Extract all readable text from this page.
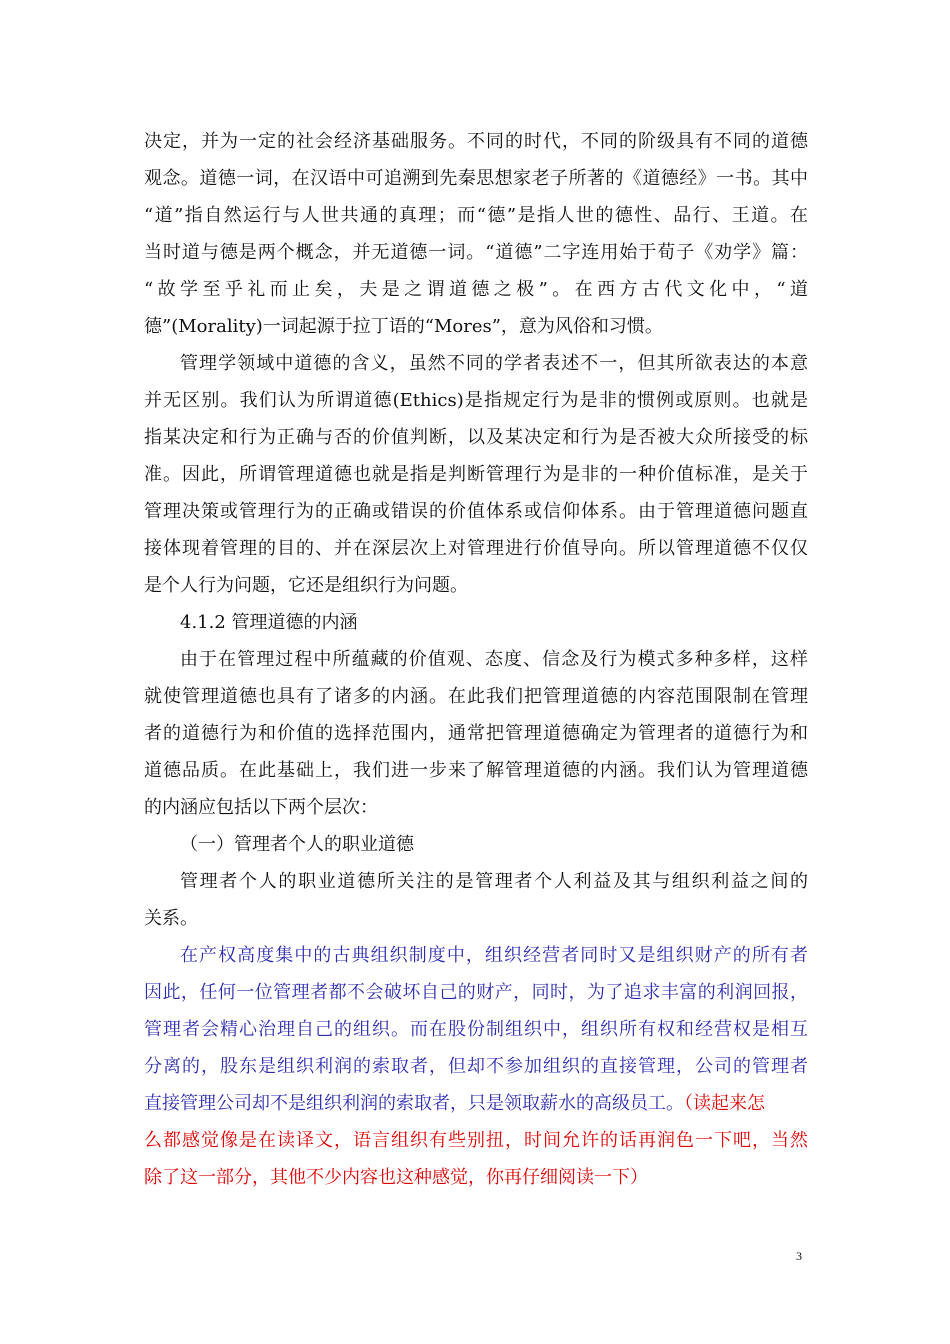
决定，并为一定的社会经济基础服务。不同的时代，不同的阶级具有不同的道德
观念。道德一词，在汉语中可追溯到先秦思想家老子所著的《道德经》一书。其中
“道”指自然运行与人世共通的真理；而“德”是指人世的德性、品行、王道。在
当时道与德是两个概念，并无道德一词。“道德”二字连用始于荀子《劝学》篇：
“故学至乎礼而止矣，夫是之谓道德之极”。在西方古代文化中，“道
德”(Morality)一词起源于拉丁语的“Mores”，意为风俗和习惯。
管理学领域中道德的含义，虽然不同的学者表述不一，但其所欲表达的本意
并无区别。我们认为所谓道德(Ethics)是指规定行为是非的惯例或原则。也就是
指某决定和行为正确与否的价值判断，以及某决定和行为是否被大众所接受的标
准。因此，所谓管理道德也就是指是判断管理行为是非的一种价值标准，是关于
管理决策或管理行为的正确或错误的价值体系或信仰体系。由于管理道德问题直
接体现着管理的目的、并在深层次上对管理进行价值导向。所以管理道德不仅仅
是个人行为问题，它还是组织行为问题。
4.1.2 管理道德的内涵
由于在管理过程中所蕴藏的价值观、态度、信念及行为模式多种多样，这样
就使管理道德也具有了诸多的内涵。在此我们把管理道德的内容范围限制在管理
者的道德行为和价值的选择范围内，通常把管理道德确定为管理者的道德行为和
道德品质。在此基础上，我们进一步来了解管理道德的内涵。我们认为管理道德
的内涵应包括以下两个层次：
（一）管理者个人的职业道德
管理者个人的职业道德所关注的是管理者个人利益及其与组织利益之间的
关系。
在产权高度集中的古典组织制度中，组织经营者同时又是组织财产的所有者
因此，任何一位管理者都不会破坏自己的财产，同时，为了追求丰富的利润回报，
管理者会精心治理自己的组织。而在股份制组织中，组织所有权和经营权是相互
分离的，股东是组织利润的索取者，但却不参加组织的直接管理，公司的管理者
直接管理公司却不是组织利润的索取者，只是领取薪水的高级员工。（读起来怎
么都感觉像是在读译文，语言组织有些别扭，时间允许的话再润色一下吧，当然
除了这一部分，其他不少内容也这种感觉，你再仔细阅读一下）
3
